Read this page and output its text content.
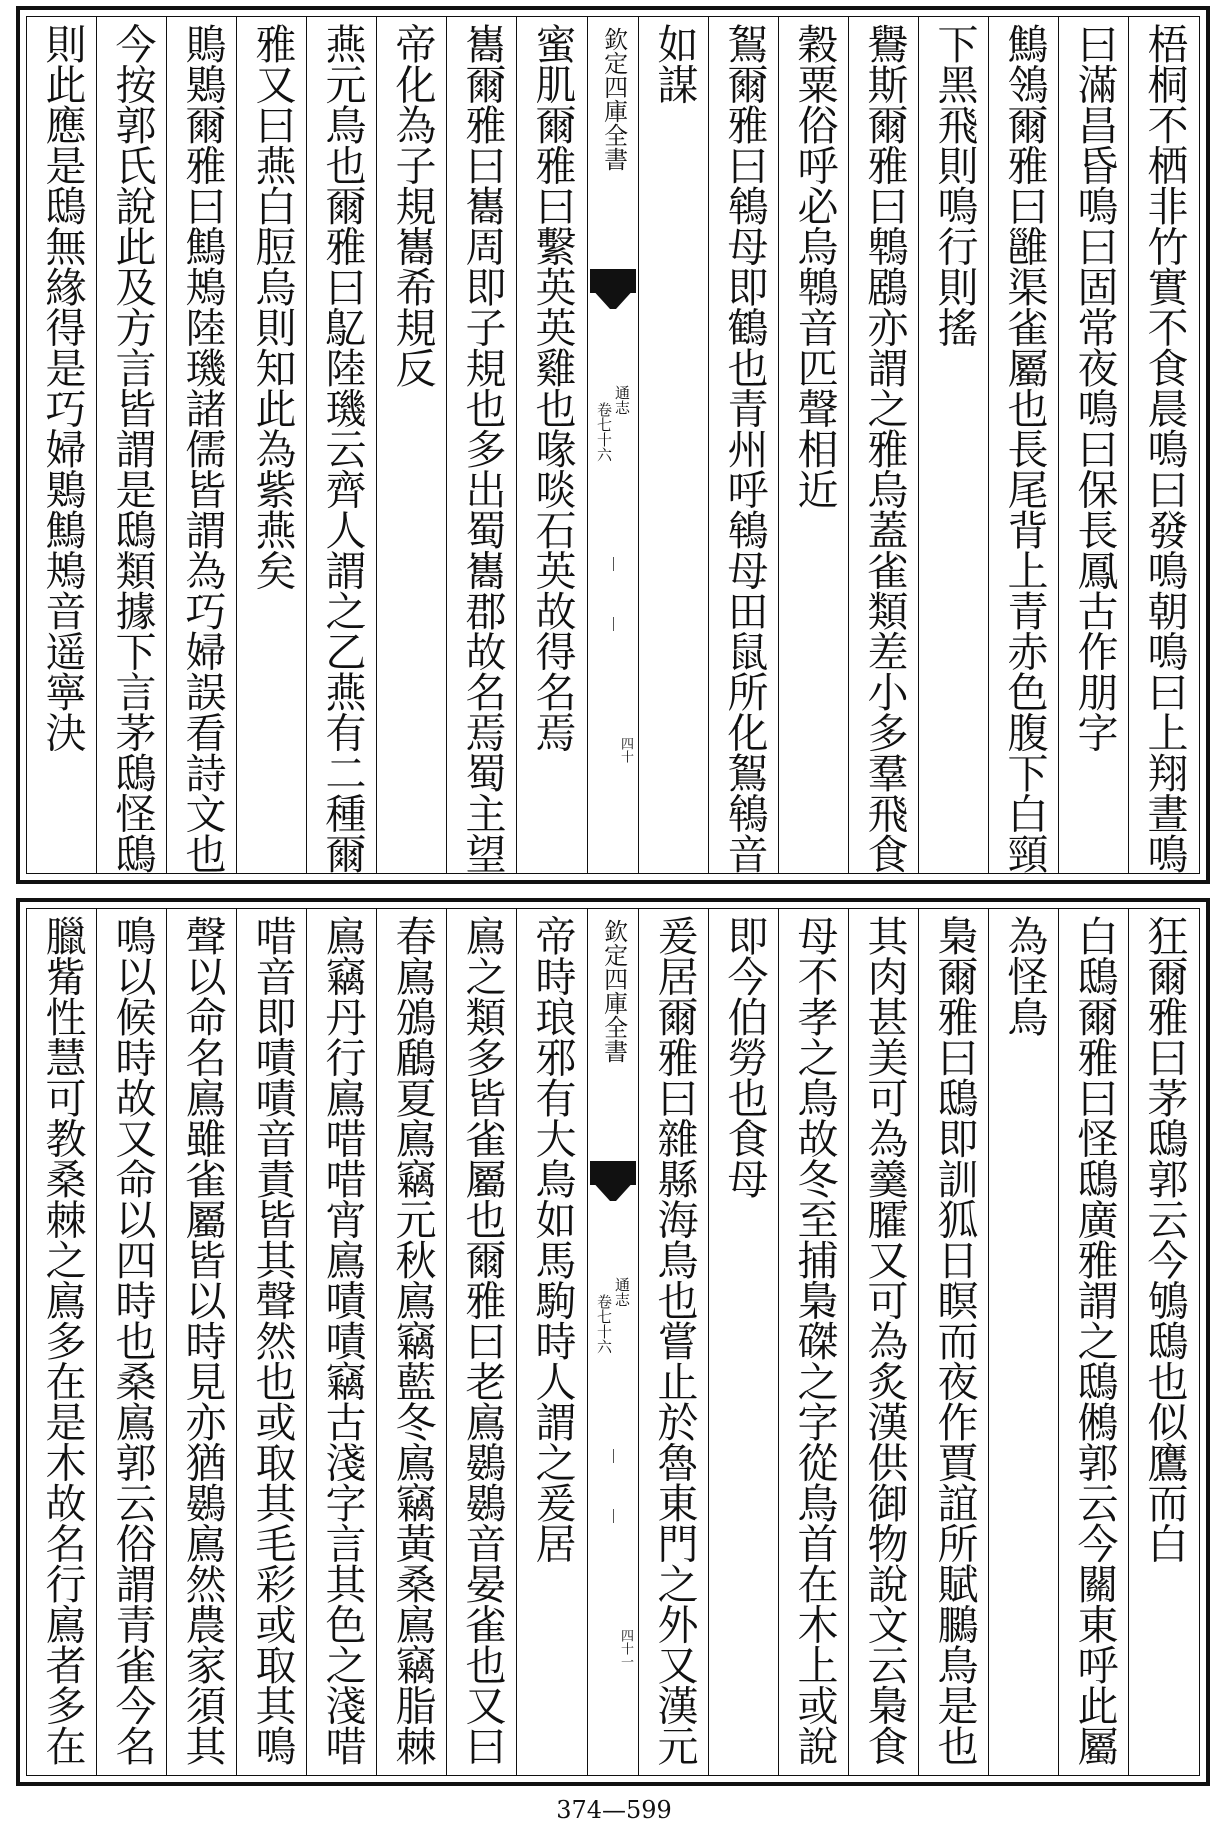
梧桐不栖非竹實不食晨鳴曰發鳴朝鳴曰上翔晝鳴
曰滿昌昏鳴曰固常夜鳴曰保長鳳古作朋字
鷦鴒爾雅曰雝渠雀屬也長尾背上青赤色腹下白頸
下黑飛則鳴行則搖
鸒斯爾雅曰鵯鶋亦謂之雅烏蓋雀類差小多羣飛食
穀粟俗呼必烏鵯音匹聲相近
鴽爾雅曰鴾母即鶴也青州呼鴾母田鼠所化鴽鴾音
如謀
欽定四庫全書
通志
卷七十六
四十
蜜肌爾雅曰繫英英雞也喙啖石英故得名焉
巂爾雅曰巂周即子規也多出蜀巂郡故名焉蜀主望
帝化為子規巂希規反
燕元鳥也爾雅曰鳦陸璣云齊人謂之乙燕有二種爾
雅又曰燕白脰烏則知此為紫燕矣
鵙鶪爾雅曰鷦鴂陸璣諸儒皆謂為巧婦誤看詩文也
今按郭氏說此及方言皆謂是鴟類據下言茅鴟怪鴟
則此應是鴟無緣得是巧婦鶪鷦鴂音遥寧決
狂爾雅曰茅鴟郭云今鴝鴟也似鷹而白
白鴟爾雅曰怪鴟廣雅謂之鴟鵂郭云今關東呼此屬
為怪鳥
梟爾雅曰鴟即訓狐日瞑而夜作賈誼所賦鵩鳥是也
其肉甚美可為羹臛又可為炙漢供御物說文云梟食
母不孝之鳥故冬至捕梟磔之字從鳥首在木上或說
即今伯勞也食母
爰居爾雅曰雜縣海鳥也嘗止於魯東門之外又漢元
欽定四庫全書
通志
卷七十六
四十一
帝時琅邪有大鳥如馬駒時人謂之爰居
鳸之類多皆雀屬也爾雅曰老鳸鷃鷃音晏雀也又曰
春鳸鳻鶞夏鳸竊元秋鳸竊藍冬鳸竊黃桑鳸竊脂棘
鳸竊丹行鳸唶唶宵鳸嘖嘖竊古淺字言其色之淺唶
唶音即嘖嘖音責皆其聲然也或取其毛彩或取其鳴
聲以命名鳸雖雀屬皆以時見亦猶鷃鳸然農家須其
鳴以候時故又命以四時也桑鳸郭云俗謂青雀今名
臘觜性慧可教桑棘之鳸多在是木故名行鳸者多在
374—599
